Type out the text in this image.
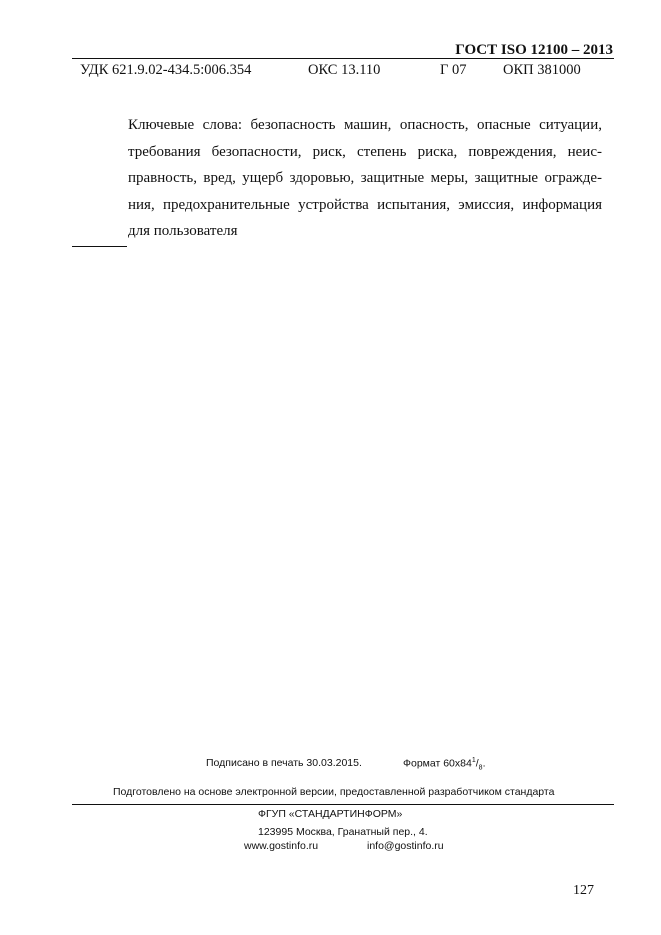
ГОСТ ISO 12100 – 2013
УДК 621.9.02-434.5:006.354	ОКС 13.110	Г 07	ОКП 381000
Ключевые слова: безопасность машин, опасность, опасные ситуации, требования безопасности, риск, степень риска, повреждения, неис-правность, вред, ущерб здоровью, защитные меры, защитные огражде-ния, предохранительные устройства испытания, эмиссия, информация для пользователя
Подписано в печать 30.03.2015.	Формат $60x84^1/_8$.
Подготовлено на основе электронной версии, предоставленной разработчиком стандарта
ФГУП «СТАНДАРТИНФОРМ»
123995 Москва, Гранатный пер., 4.
www.gostinfo.ru	info@gostinfo.ru
127
